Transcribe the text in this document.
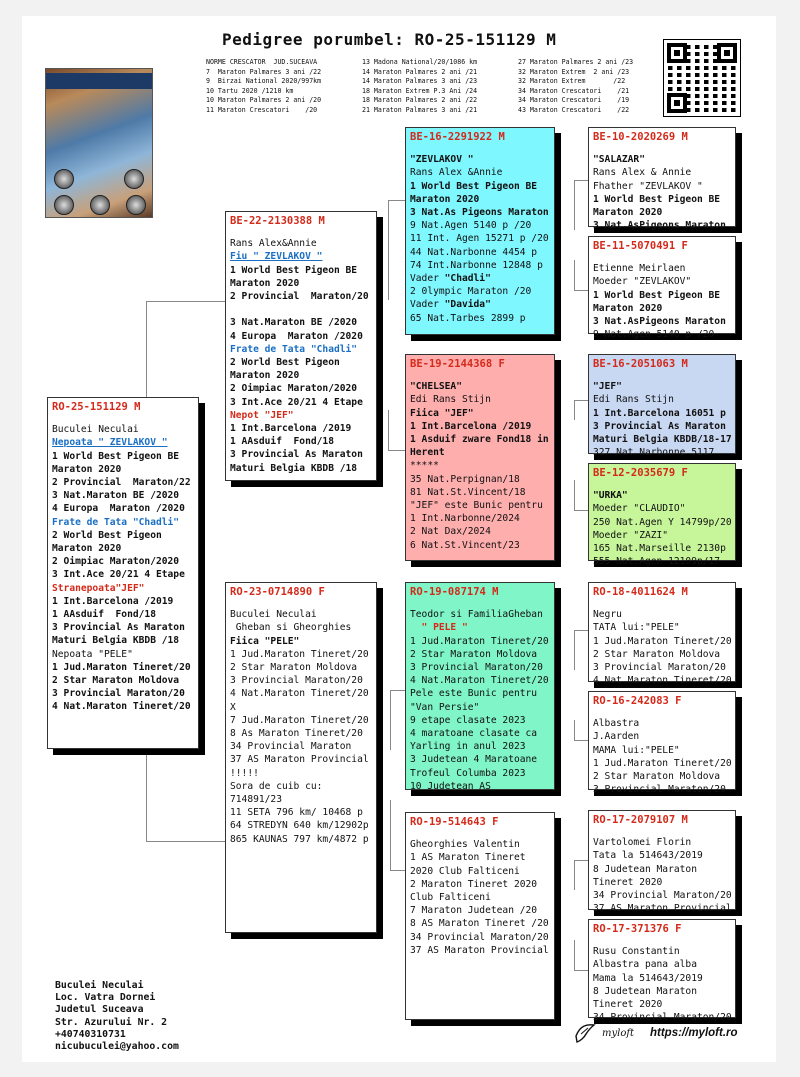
Pedigree porumbel: RO-25-151129 M
NORME CRESCATOR  JUD.SUCEAVA
7  Maraton Palmares 3 ani /22
9  Birzai National 2020/997km
10 Tartu 2020 /1210 km
10 Maraton Palmares 2 ani /20
11 Maraton Crescatori    /20
13 Madona National/20/1086 km
14 Maraton Palmares 2 ani /21
14 Maraton Palmares 3 ani /23
18 Maraton Extrem P.3 Ani /24
18 Maraton Palmares 2 ani /22
21 Maraton Palmares 3 ani /21
27 Maraton Palmares 2 ani /23
32 Maraton Extrem  2 ani /23
32 Maraton Extrem       /22
34 Maraton Crescatori    /21
34 Maraton Crescatori    /19
43 Maraton Crescatori    /22
RO-25-151129 M
Buculei Neculai
Nepoata " ZEVLAKOV "
1 World Best Pigeon BE
Maraton 2020
2 Provincial  Maraton/22
3 Nat.Maraton BE /2020
4 Europa  Maraton /2020
Frate de Tata "Chadli"
2 World Best Pigeon
Maraton 2020
2 Oimpiac Maraton/2020
3 Int.Ace 20/21 4 Etape
Stranepoata"JEF"
1 Int.Barcelona /2019
1 AAsduif  Fond/18
3 Provincial As Maraton
Maturi Belgia KBDB /18
Nepoata "PELE"
1 Jud.Maraton Tineret/20
2 Star Maraton Moldova
3 Provincial Maraton/20
4 Nat.Maraton Tineret/20
BE-22-2130388 M
Rans Alex&Annie
Fiu " ZEVLAKOV "
1 World Best Pigeon BE
Maraton 2020
2 Provincial  Maraton/20

3 Nat.Maraton BE /2020
4 Europa  Maraton /2020
Frate de Tata "Chadli"
2 World Best Pigeon
Maraton 2020
2 Oimpiac Maraton/2020
3 Int.Ace 20/21 4 Etape
Nepot "JEF"
1 Int.Barcelona /2019
1 AAsduif  Fond/18
3 Provincial As Maraton
Maturi Belgia KBDB /18
RO-23-0714890 F
Buculei Neculai
Gheban si Gheorghies
Fiica "PELE"
1 Jud.Maraton Tineret/20
2 Star Maraton Moldova
3 Provincial Maraton/20
4 Nat.Maraton Tineret/20
X
7 Jud.Maraton Tineret/20
8 As Maraton Tineret/20
34 Provincial Maraton
37 AS Maraton Provincial
!!!!!
Sora de cuib cu:
714891/23
11 SETA 796 km/ 10468 p
64 STREDYN 640 km/12902p
865 KAUNAS 797 km/4872 p
BE-16-2291922 M
"ZEVLAKOV "
Rans Alex &Annie
1 World Best Pigeon BE
Maraton 2020
3 Nat.As Pigeons Maraton
9 Nat.Agen 5140 p /20
11 Int. Agen 15271 p /20
44 Nat.Narbonne 4454 p
74 Int.Narbonne 12848 p
Vader "Chadli"
2 0lympic Maraton /20
Vader "Davida"
65 Nat.Tarbes 2899 p
BE-19-2144368 F
"CHELSEA"
Edi Rans Stijn
Fiica "JEF"
1 Int.Barcelona /2019
1 Asduif zware Fond18 in
Herent
*****
35 Nat.Perpignan/18
81 Nat.St.Vincent/18
"JEF" este Bunic pentru
1 Int.Narbonne/2024
2 Nat Dax/2024
6 Nat.St.Vincent/23
RO-19-087174 M
Teodor si FamiliaGheban
" PELE "
1 Jud.Maraton Tineret/20
2 Star Maraton Moldova
3 Provincial Maraton/20
4 Nat.Maraton Tineret/20
Pele este Bunic pentru
"Van Persie"
9 etape clasate 2023
4 maratoane clasate ca
Yarling in anul 2023
3 Judetean 4 Maratoane
Trofeul Columba 2023
10 Judetean AS
RO-19-514643 F
Gheorghies Valentin
1 AS Maraton Tineret
2020 Club Falticeni
2 Maraton Tineret 2020
Club Falticeni
7 Maraton Judetean /20
8 AS Maraton Tineret /20
34 Provincial Maraton/20
37 AS Maraton Provincial
BE-10-2020269 M
"SALAZAR"
Rans Alex & Annie
Fhather "ZEVLAKOV "
1 World Best Pigeon BE
Maraton 2020
3 Nat.AsPigeons Maraton
BE-11-5070491 F
Etienne Meirlaen
Moeder "ZEVLAKOV"
1 World Best Pigeon BE
Maraton 2020
3 Nat.AsPigeons Maraton
9 Nat.Agen 5140 p /20
BE-16-2051063 M
"JEF"
Edi Rans Stijn
1 Int.Barcelona 16051 p
3 Provincial As Maraton
Maturi Belgia KBDB/18-17
327 Nat.Narbonne 5117
BE-12-2035679 F
"URKA"
Moeder "CLAUDIO"
250 Nat.Agen Y 14799p/20
Moeder "ZAZI"
165 Nat.Marseille 2130p
555 Nat.Agen 12109p/17
RO-18-4011624 M
Negru
TATA lui:"PELE"
1 Jud.Maraton Tineret/20
2 Star Maraton Moldova
3 Provincial Maraton/20
4 Nat.Maraton Tineret/20
RO-16-242083 F
Albastra
J.Aarden
MAMA lui:"PELE"
1 Jud.Maraton Tineret/20
2 Star Maraton Moldova
3 Provincial Maraton/20
RO-17-2079107 M
Vartolomei Florin
Tata la 514643/2019
8 Judetean Maraton
Tineret 2020
34 Provincial Maraton/20
37 AS Maraton Provincial
RO-17-371376 F
Rusu Constantin
Albastra pana alba
Mama la 514643/2019
8 Judetean Maraton
Tineret 2020
34 Provincial Maraton/20
Buculei Neculai
Loc. Vatra Dornei
Judetul Suceava
Str. Azurului Nr. 2
+40740310731
nicubuculei@yahoo.com
myloft https://myloft.ro
